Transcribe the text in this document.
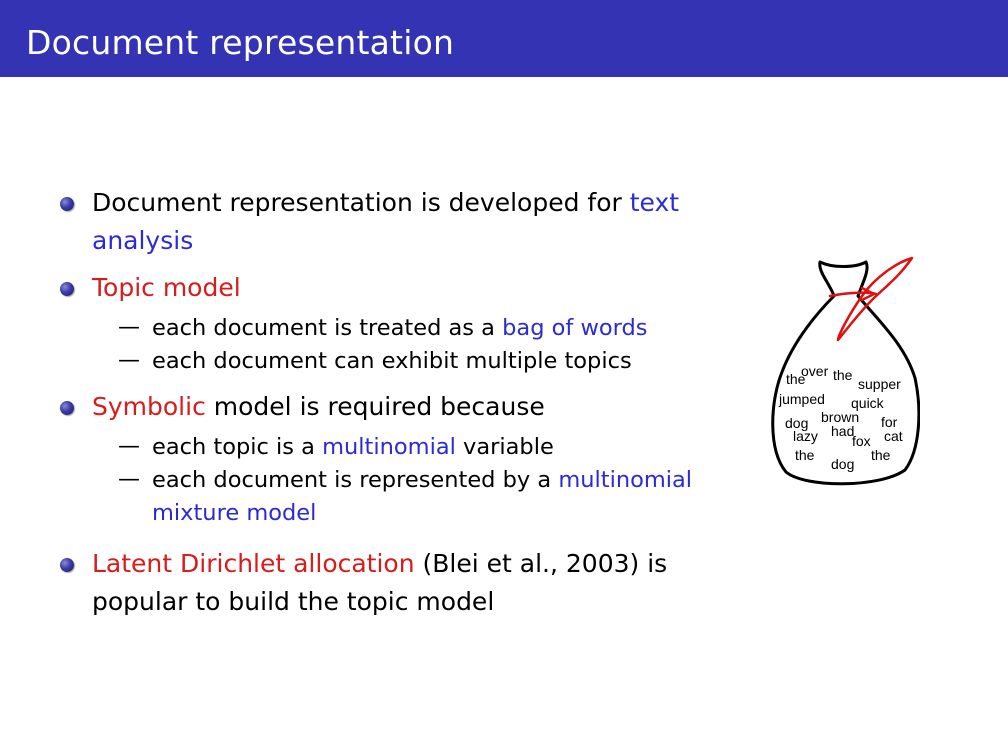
Document representation
Document representation is developed for text
analysis
Topic model
— each document is treated as a bag of words
— each document can exhibit multiple topics
Symbolic model is required because
— each topic is a multinomial variable
— each document is represented by a multinomial
mixture model
Latent Dirichlet allocation (Blei et al., 2003) is
popular to build the topic model
the
over the
supper
jumped quick
brown
dog	for
had
lazy fox cat
the
dog
the
